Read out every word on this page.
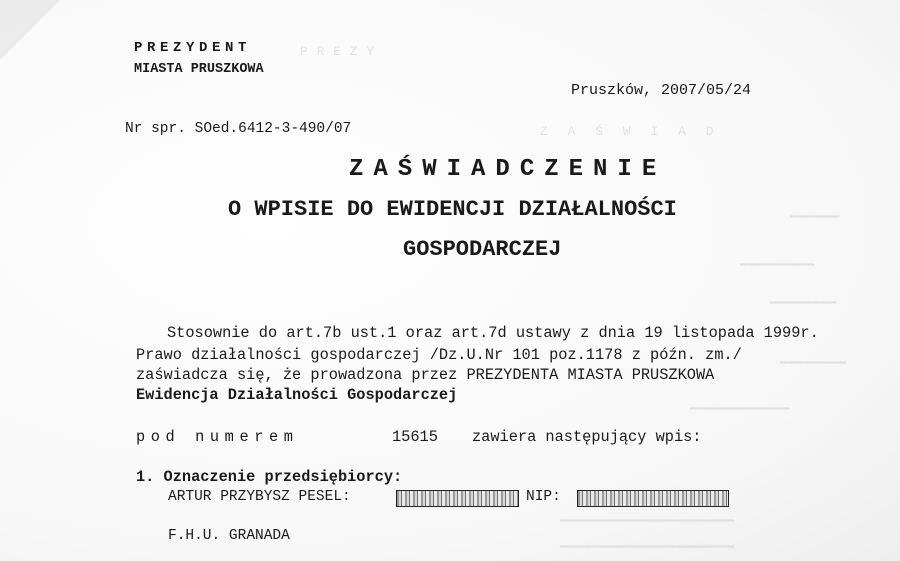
P R E Z Y
Z A Ś W I A D
━━━━━━
━━━━━━━━━
━━━━━━━━
━━━━━━━━
━━━━━━━━━━━━
━━━━━━━━━━━━━━━━━━━━━
━━━━━━━━━━━━━━━━━━━━━
PREZYDENT
MIASTA PRUSZKOWA
Pruszków, 2007/05/24
Nr spr. SOed.6412-3-490/07
ZAŚWIADCZENIE
O WPISIE DO EWIDENCJI DZIAŁALNOŚCI
GOSPODARCZEJ
Stosownie do art.7b ust.1 oraz art.7d ustawy z dnia 19 listopada 1999r.
Prawo działalności gospodarczej /Dz.U.Nr 101 poz.1178 z późn. zm./
zaświadcza się, że prowadzona przez PREZYDENTA MIASTA PRUSZKOWA
Ewidencja Działalności Gospodarczej
pod numerem	15615 zawiera następujący wpis:
1. Oznaczenie przedsiębiorcy:
ARTUR PRZYBYSZ PESEL:	NIP:
F.H.U. GRANADA
